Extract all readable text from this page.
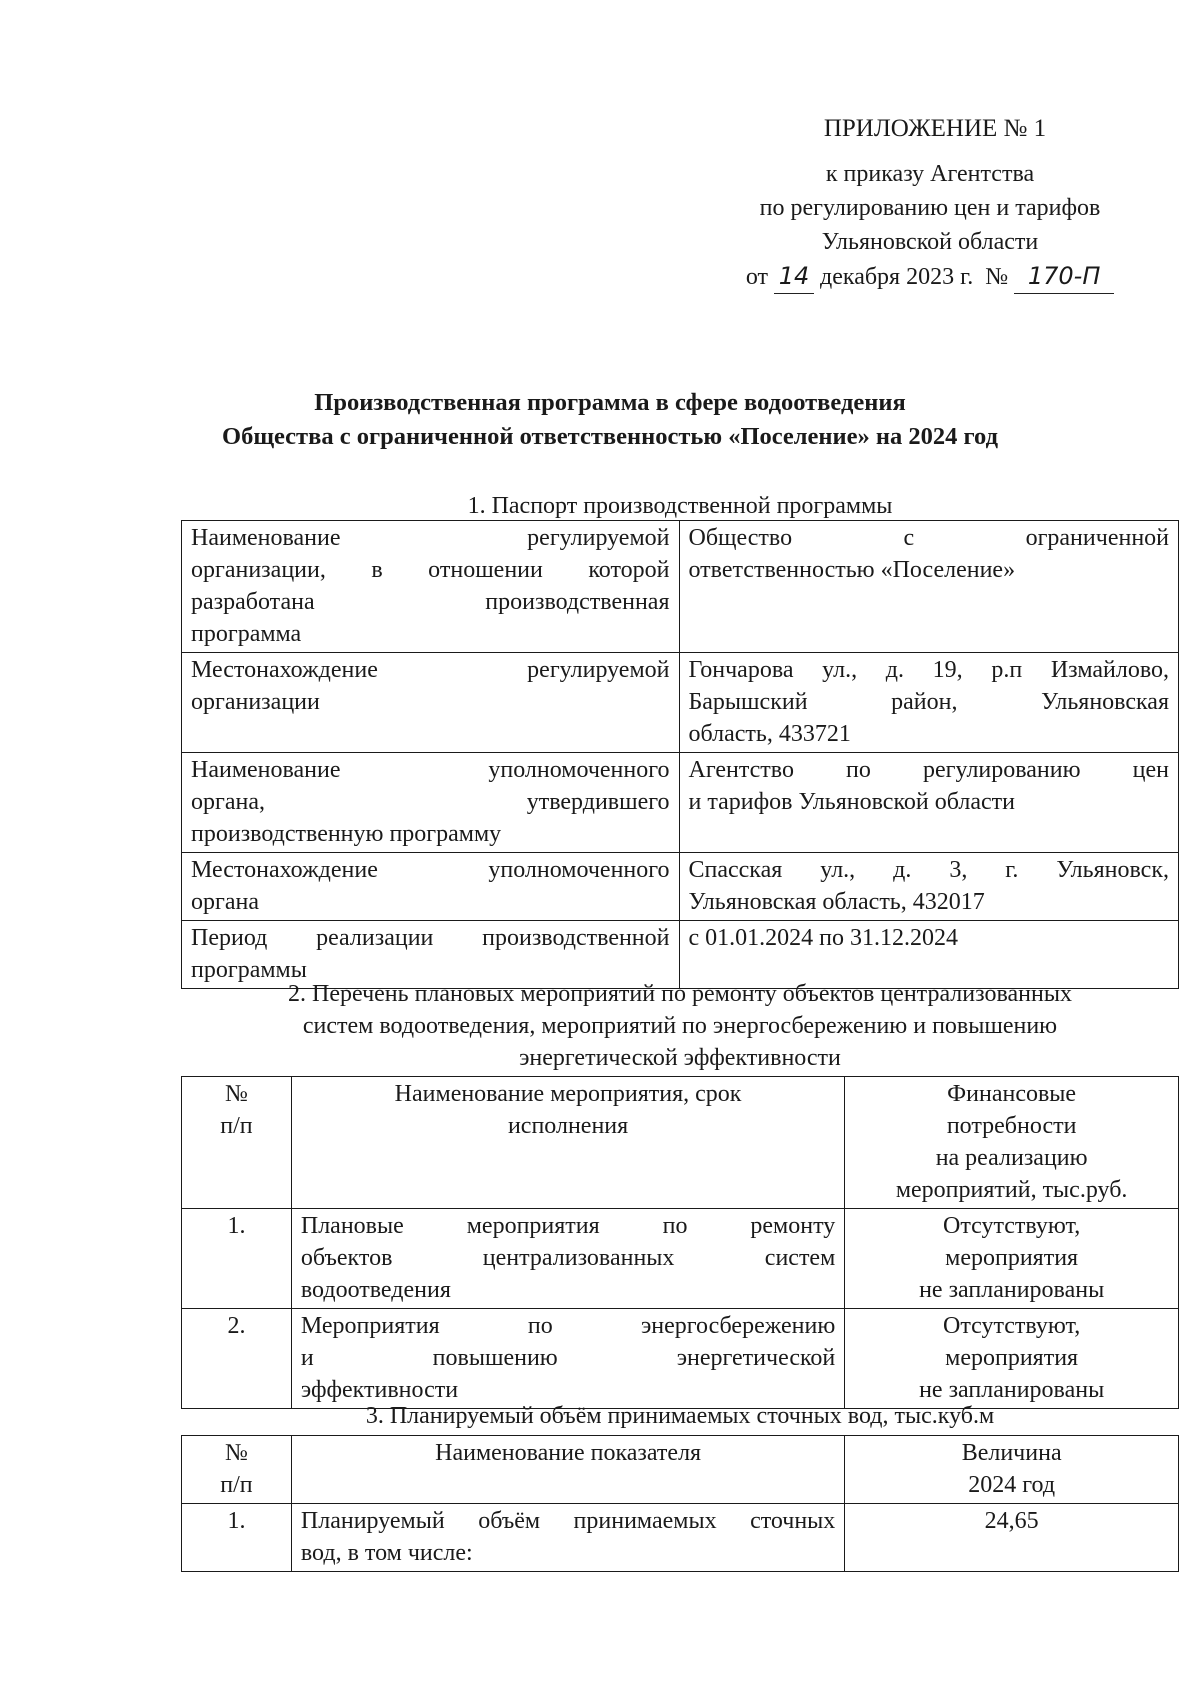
ПРИЛОЖЕНИЕ № 1
к приказу Агентства
по регулированию цен и тарифов
Ульяновской области
от 14 декабря 2023 г. № 170-П
Производственная программа в сфере водоотведения
Общества с ограниченной ответственностью «Поселение» на 2024 год
1. Паспорт производственной программы
Наименование регулируемой
организации, в отношении которой
разработана производственная
программа	Общество с ограниченной
ответственностью «Поселение»

Местонахождение регулируемой
организации	Гончарова ул., д. 19, р.п Измайлово,
Барышский район, Ульяновская
область, 433721

Наименование уполномоченного
органа, утвердившего
производственную программу	Агентство по регулированию цен
и тарифов Ульяновской области

Местонахождение уполномоченного
органа	Спасская ул., д. 3, г. Ульяновск,
Ульяновская область, 432017

Период реализации производственной
программы	с 01.01.2024 по 31.12.2024
2. Перечень плановых мероприятий по ремонту объектов централизованных
систем водоотведения, мероприятий по энергосбережению и повышению
энергетической эффективности
№
п/п	Наименование мероприятия, срок
исполнения	Финансовые
потребности
на реализацию
мероприятий, тыс.руб.

1.	Плановые мероприятия по ремонту
объектов централизованных систем
водоотведения	Отсутствуют,
мероприятия
не запланированы

2.	Мероприятия по энергосбережению
и повышению энергетической
эффективности	Отсутствуют,
мероприятия
не запланированы
3. Планируемый объём принимаемых сточных вод, тыс.куб.м
№
п/п	Наименование показателя	Величина
2024 год

1.	Планируемый объём принимаемых сточных
вод, в том числе:	24,65
